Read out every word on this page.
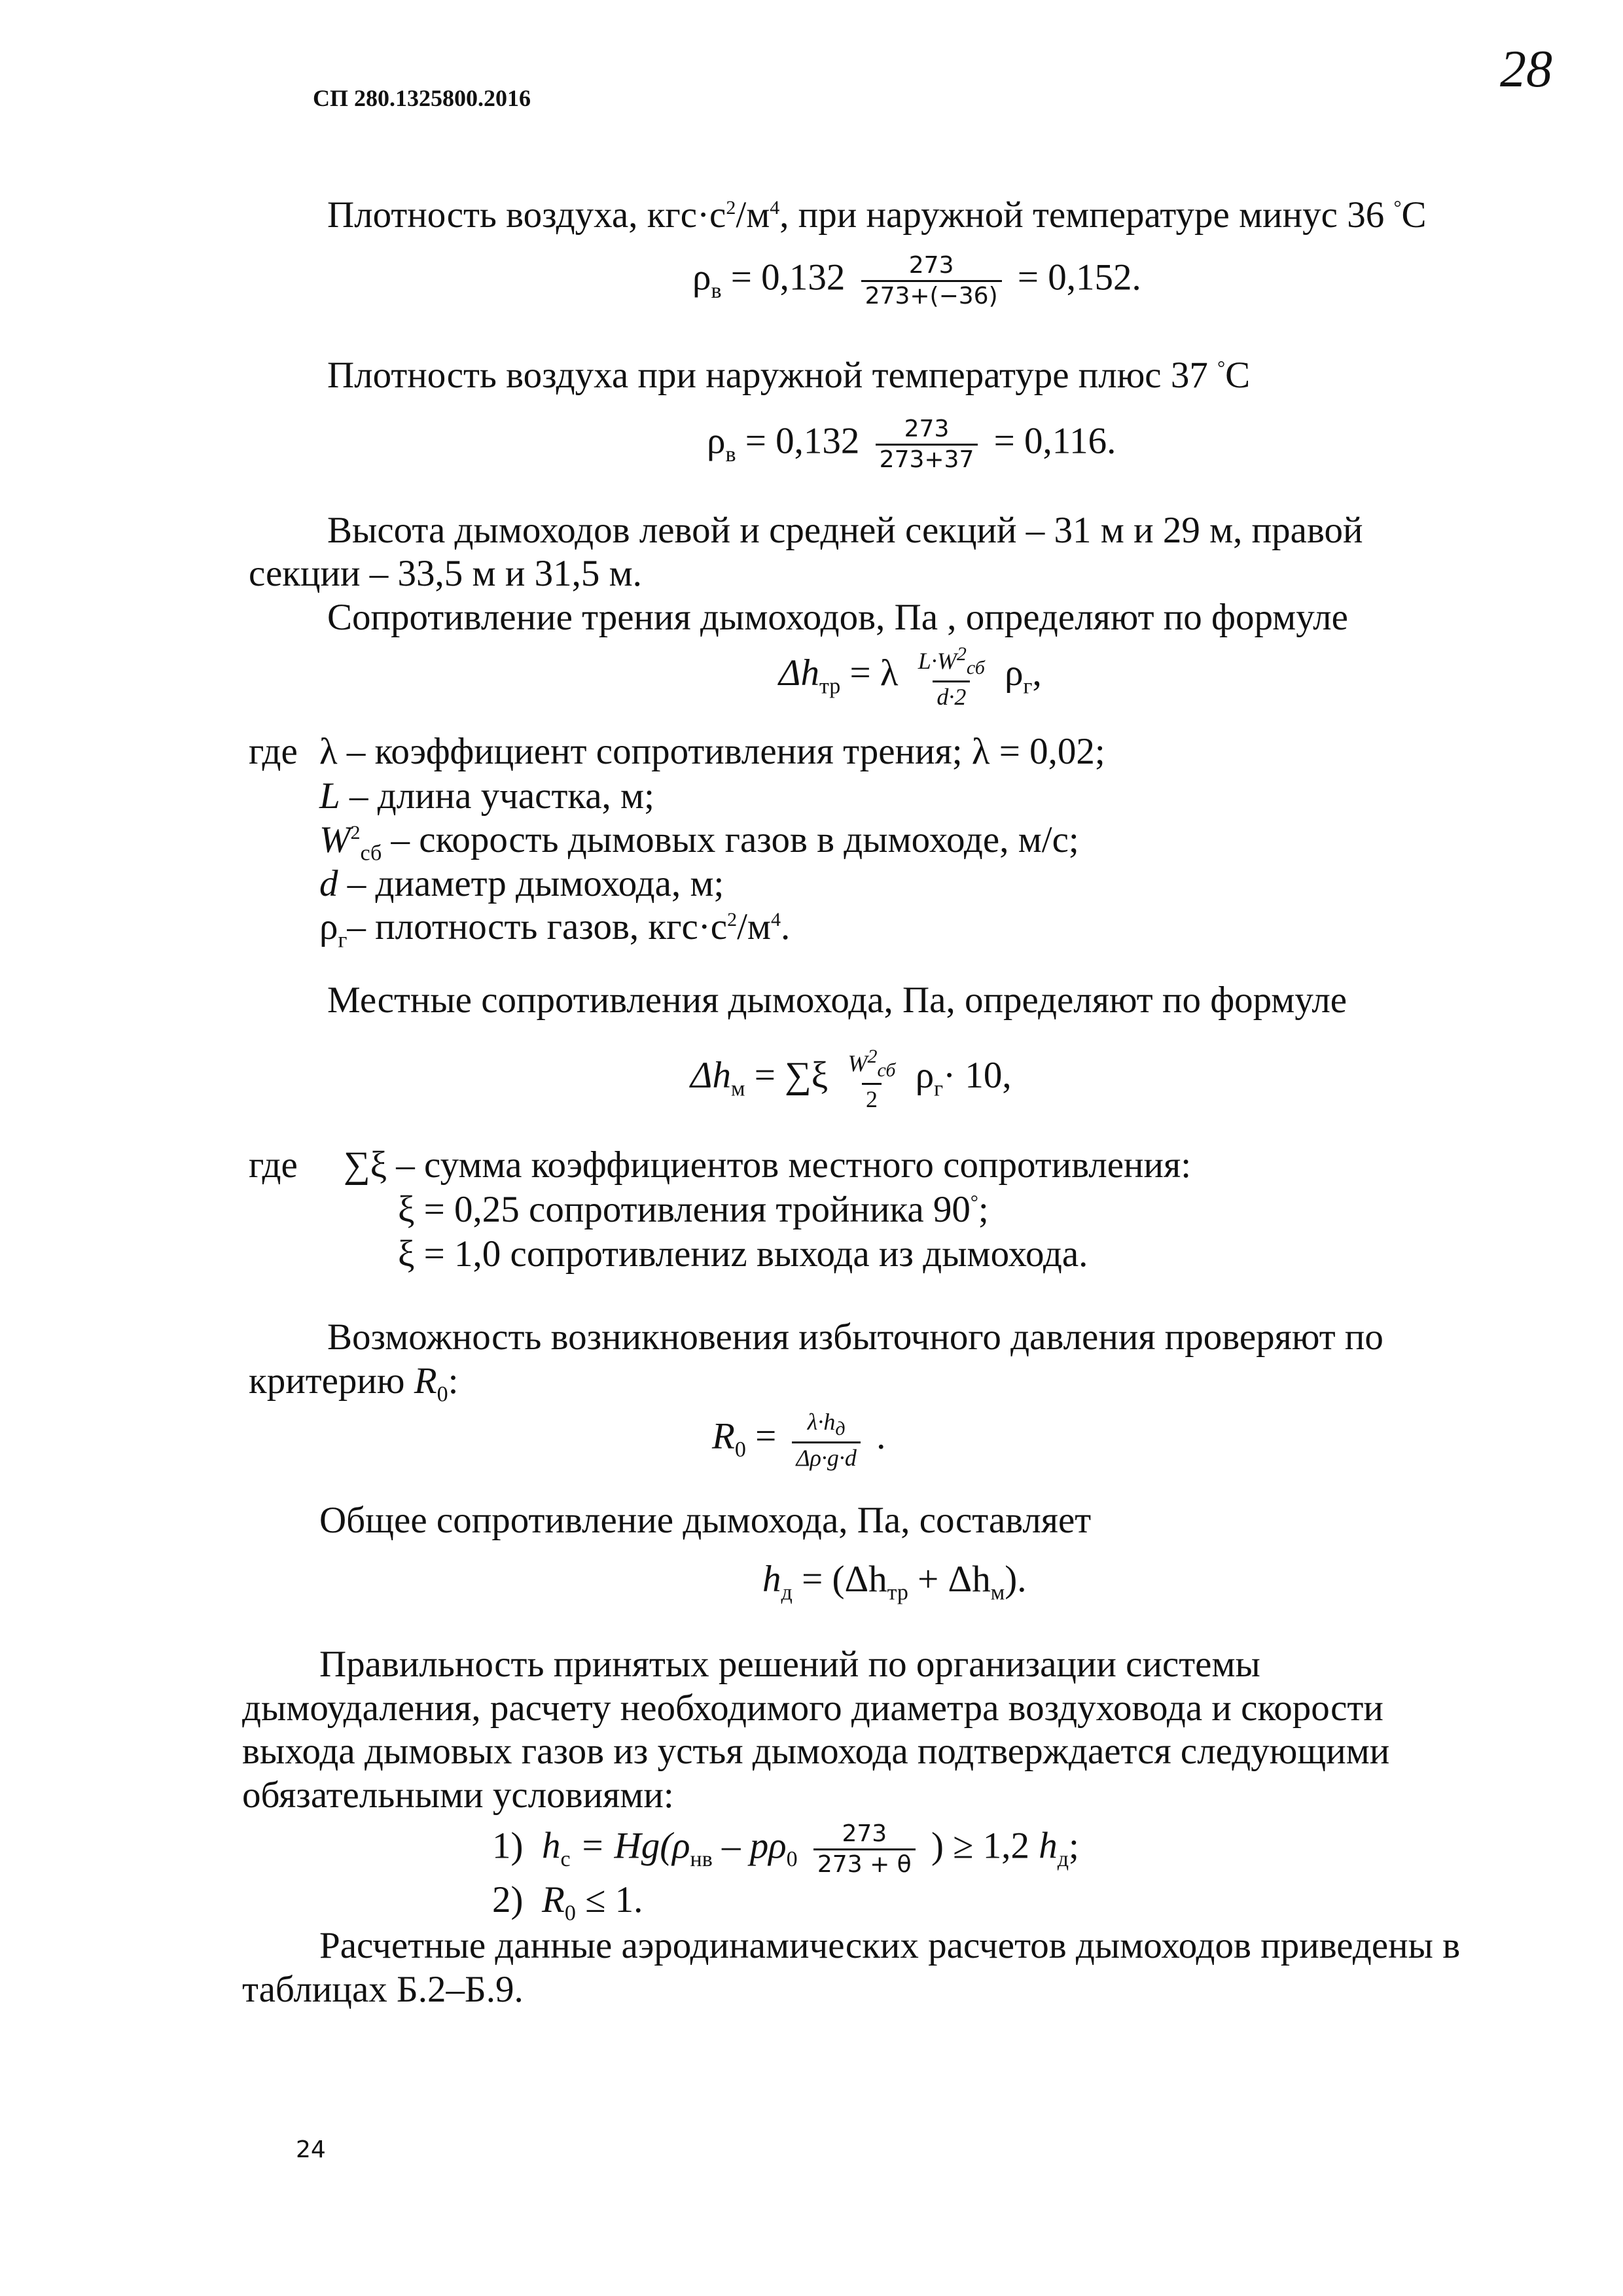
СП 280.1325800.2016	28
Плотность воздуха, $кгс\cdot с^2/м^4$, при наружной температуре минус 36 °С
$\rho_в = 0,132 \frac{273}{273+(-36)} = 0,152$.
Плотность воздуха при наружной температуре плюс 37 °С
$\rho_в = 0,132 \frac{273}{273+37} = 0,116$.
Высота дымоходов левой и средней секций – 31 м и 29 м, правой
секции – 33,5 м и 31,5 м.
Сопротивление трения дымоходов, Па , определяют по формуле
$\Delta h_{тр} = \lambda \frac{L\cdot W^2_{сб}}{d\cdot 2} \rho_г$,
где λ – коэффициент сопротивления трения; λ = 0,02;
L – длина участка, м;
$W^2_{сб}$ – скорость дымовых газов в дымоходе, м/с;
d – диаметр дымохода, м;
$\rho_г-$ плотность газов, $кгс\cdot с^2/м^4$.
Местные сопротивления дымохода, Па, определяют по формуле
$\Delta h_м = \sum\xi \frac{W^2_{сб}}{2} \rho_г\cdot 10$,
где ∑ξ – сумма коэффициентов местного сопротивления:
ξ = 0,25 сопротивления тройника 90°;
ξ = 1,0 сопротивлениz выхода из дымохода.
Возможность возникновения избыточного давления проверяют по
критерию $R_0$:
$R_0 = \frac{\lambda\cdot h_д}{\Delta\rho\cdot g\cdot d}$ .
Общее сопротивление дымохода, Па, составляет
$h_д = (\Delta h_{тр} + \Delta h_м)$.
Правильность принятых решений по организации системы
дымоудаления, расчету необходимого диаметра воздуховода и скорости
выхода дымовых газов из устья дымохода подтверждается следующими
обязательными условиями:
1) $h_c = Hg(\rho_{нв} - p\rho_0 \frac{273}{273 + \theta}$ ) ≥ 1,2 $h_д$;
2) $R_0 \le 1$.
Расчетные данные аэродинамических расчетов дымоходов приведены в
таблицах Б.2–Б.9.
24
